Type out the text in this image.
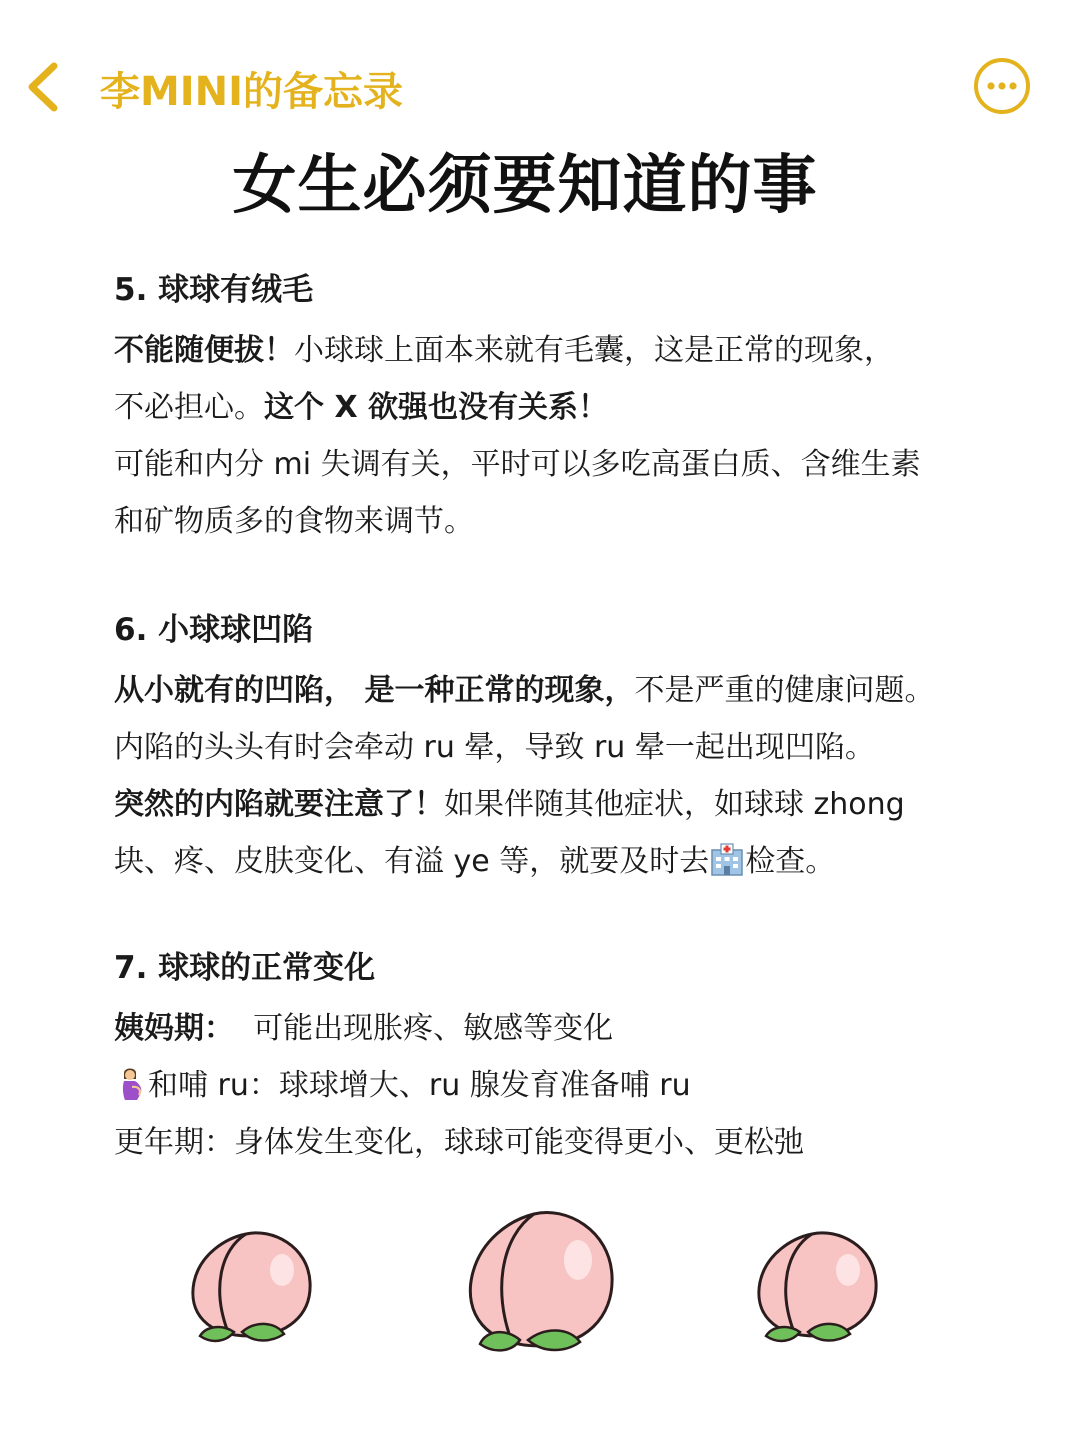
李MINI的备忘录
女生必须要知道的事
5. 球球有绒毛
不能随便拔！小球球上面本来就有毛囊，这是正常的现象，
不必担心。这个 X 欲强也没有关系！
可能和内分 mi 失调有关，平时可以多吃高蛋白质、含维生素
和矿物质多的食物来调节。
6. 小球球凹陷
从小就有的凹陷， 是一种正常的现象，不是严重的健康问题。
内陷的头头有时会牵动 ru 晕，导致 ru 晕一起出现凹陷。
突然的内陷就要注意了！如果伴随其他症状，如球球 zhong
块、疼、皮肤变化、有溢 ye 等，就要及时去 检查。
7. 球球的正常变化
姨妈期： 可能出现胀疼、敏感等变化
和哺 ru：球球增大、ru 腺发育准备哺 ru
更年期：身体发生变化，球球可能变得更小、更松弛
